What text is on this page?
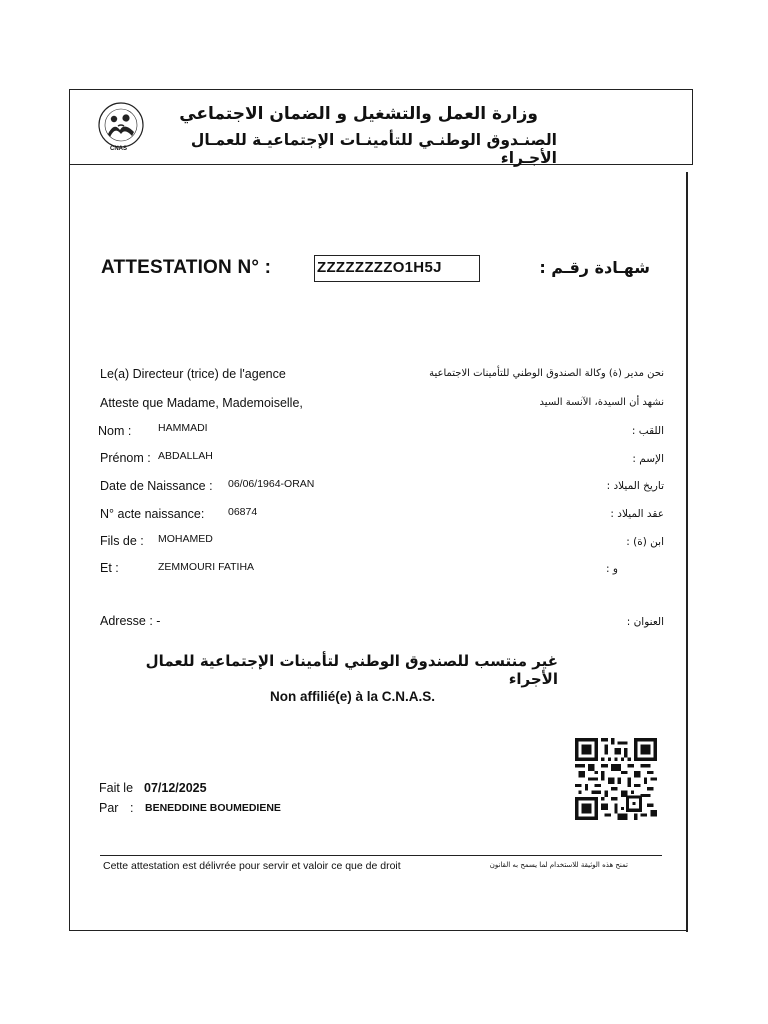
CNAS
وزارة العمل والتشغيل و الضمان الاجتماعي
الصنـدوق الوطنـي للتأمينـات الإجتماعيـة للعمـال الأجـراء
ATTESTATION N° :	ZZZZZZZZO1H5J	شهـادة رقـم :
Le(a) Directeur (trice) de l'agence	نحن مدير (ة) وكالة الصندوق الوطني للتأمينات الاجتماعية
Atteste que Madame, Mademoiselle,	نشهد أن السيدة، الآنسة السيد
Nom :	HAMMADI	اللقب :
Prénom : ABDALLAH	الإسم :
Date de Naissance : 06/06/1964-ORAN	تاريخ الميلاد :
N° acte naissance: 06874	عقد الميلاد :
Fils de : MOHAMED	ابن (ة) :
Et :	ZEMMOURI FATIHA	و :
Adresse : -	العنوان :
غير منتسب للصندوق الوطني لتأمينات الإجتماعية للعمال الأجراء
Non affilié(e) à la C.N.A.S.
Fait le 07/12/2025
Par : BENEDDINE BOUMEDIENE
Cette attestation est délivrée pour servir et valoir ce que de droit	تمنح هذه الوثيقة للاستخدام لما يسمح به القانون
